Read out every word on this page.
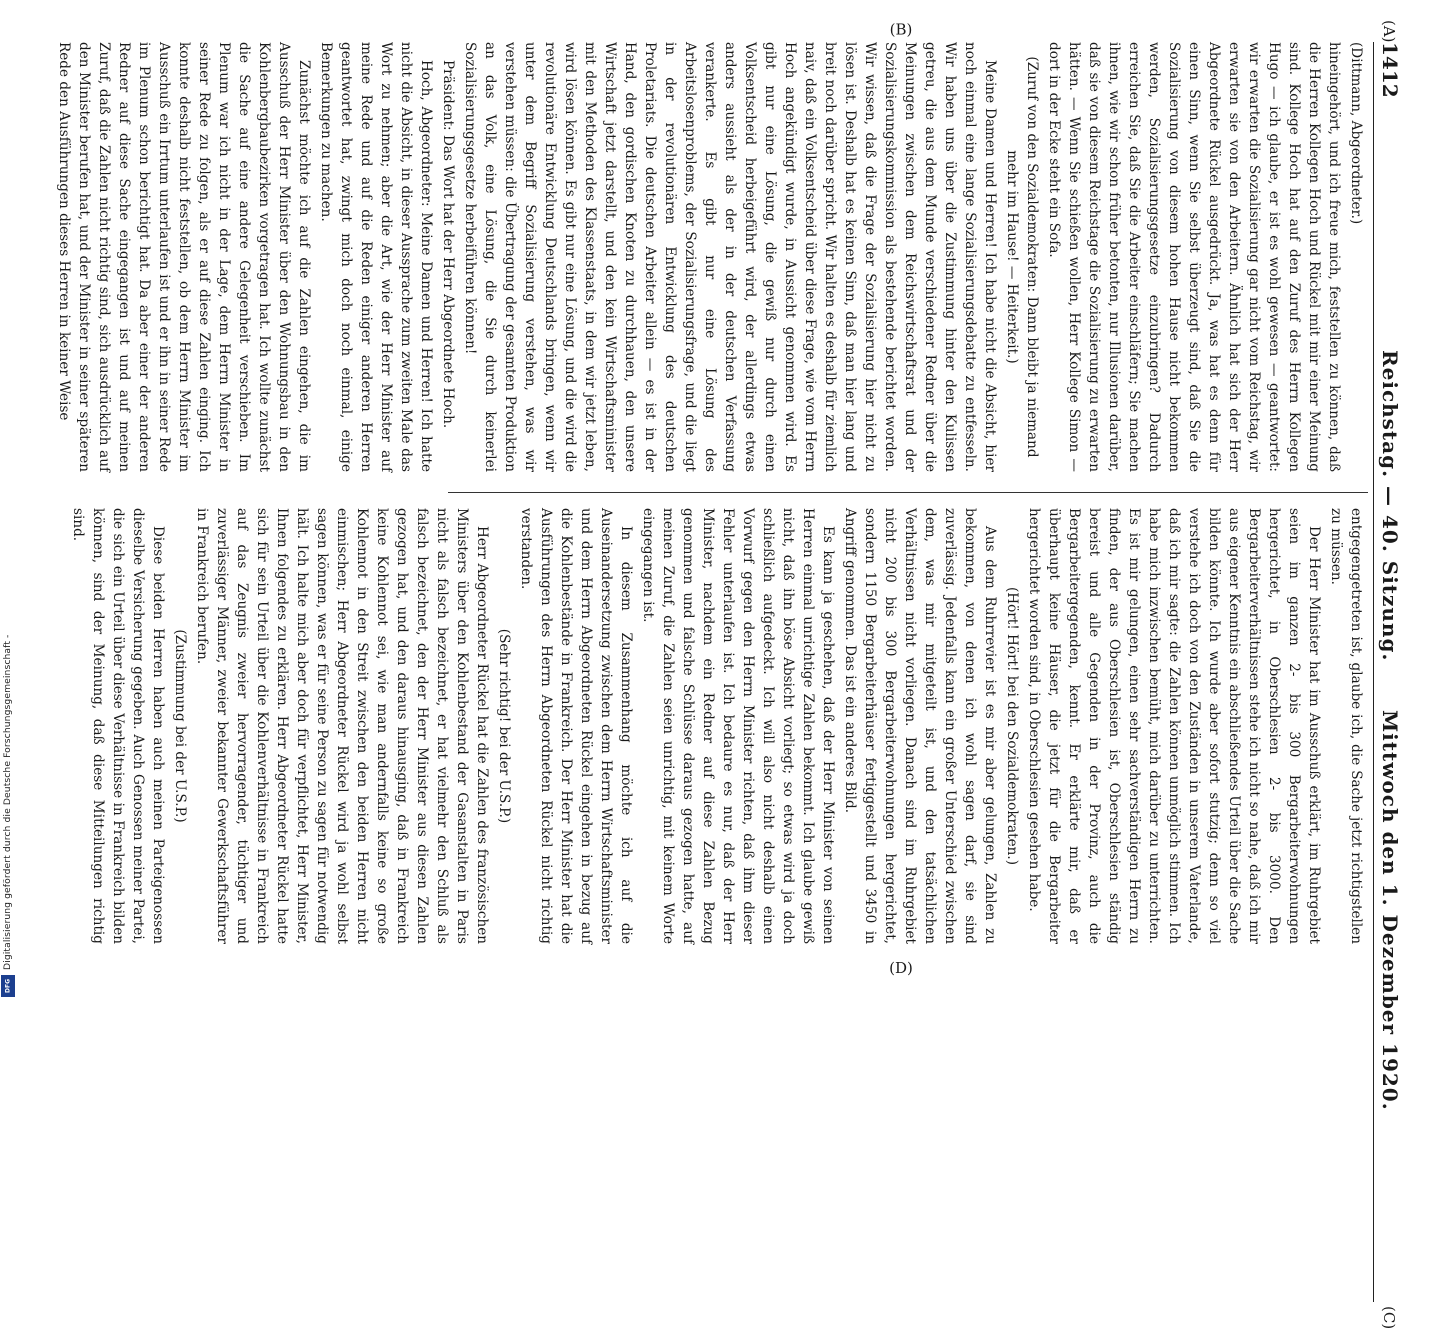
Digitalisierung gefördert durch die Deutsche Forschungsgemeinschaft -
DFG
(A)
1412
Reichstag. — 40. Sitzung.
Mittwoch den 1. Dezember 1920.
(C)
(B)
(D)

(Dittmann, Abgeordneter.)

hineingehört, und ich freue mich, feststellen zu können, daß die Herren Kollegen Hoch und Rückel mit mir einer Meinung sind. Kollege Hoch hat auf den Zuruf des Herrn Kollegen Hugo — ich glaube, er ist es wohl gewesen — geantwortet: wir erwarten die Sozialisierung gar nicht vom Reichstag, wir erwarten sie von den Arbeitern. Ähnlich hat sich der Herr Abgeordnete Rückel ausgedrückt. Ja, was hat es denn für einen Sinn, wenn Sie selbst überzeugt sind, daß Sie die Sozialisierung von diesem hohen Hause nicht bekommen werden, Sozialisierungsgesetze einzubringen? Dadurch erreichen Sie, daß Sie die Arbeiter einschläfern; Sie machen ihnen, wie wir schon früher betonten, nur Illusionen darüber, daß sie von diesem Reichstage die Sozialisierung zu erwarten hätten. — Wenn Sie schießen wollen, Herr Kollege Simon — dort in der Ecke steht ein Sofa.

(Zuruf von den Sozialdemokraten: Dann bleibt ja niemand mehr im Hause! — Heiterkeit.)

Meine Damen und Herren! Ich habe nicht die Absicht, hier noch einmal eine lange Sozialisierungsdebatte zu entfesseln. Wir haben uns über die Zustimmung hinter den Kulissen getreu, die aus dem Munde verschiedener Redner über die Meinungen zwischen dem Reichswirtschaftsrat und der Sozialisierungskommission als bestehende berichtet worden. Wir wissen, daß die Frage der Sozialisierung hier nicht zu lösen ist. Deshalb hat es keinen Sinn, daß man hier lang und breit noch darüber spricht. Wir halten es deshalb für ziemlich naiv, daß ein Volksentscheid über diese Frage, wie vom Herrn Hoch angekündigt wurde, in Aussicht genommen wird. Es gibt nur eine Lösung, die gewiß nur durch einen Volksentscheid herbeigeführt wird, der allerdings etwas anders aussieht als der in der deutschen Verfassung verankerte. Es gibt nur eine Lösung des Arbeitslosenproblems, der Sozialisierungsfrage, und die liegt in der revolutionären Entwicklung des deutschen Proletariats. Die deutschen Arbeiter allein — es ist in der Hand, den gordischen Knoten zu durchhauen, den unsere Wirtschaft jetzt darstellt, und den kein Wirtschaftsminister mit den Methoden des Klassenstaats, in dem wir jetzt leben, wird lösen können. Es gibt nur eine Lösung, und die wird die revolutionäre Entwicklung Deutschlands bringen, wenn wir unter dem Begriff Sozialisierung verstehen, was wir verstehen müssen: die Übertragung der gesamten Produktion an das Volk, eine Lösung, die Sie durch keinerlei Sozialisierungsgesetze herbeiführen können!

Präsident: Das Wort hat der Herr Abgeordnete Hoch.

Hoch, Abgeordneter: Meine Damen und Herren! Ich hatte nicht die Absicht, in dieser Aussprache zum zweiten Male das Wort zu nehmen; aber die Art, wie der Herr Minister auf meine Rede und auf die Reden einiger anderen Herren geantwortet hat, zwingt mich doch noch einmal, einige Bemerkungen zu machen.

Zunächst möchte ich auf die Zahlen eingehen, die im Ausschuß der Herr Minister über den Wohnungsbau in den Kohlenbergbaubezirken vorgetragen hat. Ich wollte zunächst die Sache auf eine andere Gelegenheit verschieben. Im Plenum war ich nicht in der Lage, dem Herrn Minister in seiner Rede zu folgen, als er auf diese Zahlen einging. Ich konnte deshalb nicht feststellen, ob dem Herrn Minister im Ausschuß ein Irrtum unterlaufen ist und er ihn in seiner Rede im Plenum schon berichtigt hat. Da aber einer der anderen Redner auf diese Sache eingegangen ist und auf meinen Zuruf, daß die Zahlen nicht richtig sind, sich ausdrücklich auf den Minister berufen hat, und der Minister in seiner späteren Rede den Ausführungen dieses Herren in keiner Weise

entgegengetreten ist, glaube ich, die Sache jetzt richtigstellen zu müssen.

Der Herr Minister hat im Ausschuß erklärt, im Ruhrgebiet seien im ganzen 2- bis 300 Bergarbeiterwohnungen hergerichtet, in Oberschlesien 2- bis 3000. Den Bergarbeiterverhältnissen stehe ich nicht so nahe, daß ich mir aus eigener Kenntnis ein abschließendes Urteil über die Sache bilden könnte. Ich wurde aber sofort stutzig; denn so viel verstehe ich doch von den Zuständen in unserem Vaterlande, daß ich mir sagte: die Zahlen können unmöglich stimmen. Ich habe mich inzwischen bemüht, mich darüber zu unterrichten. Es ist mir gelungen, einen sehr sachverständigen Herrn zu finden, der aus Oberschlesien ist, Oberschlesien ständig bereist und alle Gegenden in der Provinz, auch die Bergarbeitergegenden, kennt. Er erklärte mir, daß er überhaupt keine Häuser, die jetzt für die Bergarbeiter hergerichtet worden sind, in Oberschlesien gesehen habe.

(Hört! Hört! bei den Sozialdemokraten.)

Aus dem Ruhrrevier ist es mir aber gelungen, Zahlen zu bekommen, von denen ich wohl sagen darf, sie sind zuverlässig. Jedenfalls kann ein großer Unterschied zwischen dem, was mir mitgeteilt ist, und den tatsächlichen Verhältnissen nicht vorliegen. Danach sind im Ruhrgebiet nicht 200 bis 300 Bergarbeiterwohnungen hergerichtet, sondern 1150 Bergarbeiterhäuser fertiggestellt und 3450 in Angriff genommen. Das ist ein anderes Bild.

Es kann ja geschehen, daß der Herr Minister von seinen Herren einmal unrichtige Zahlen bekommt. Ich glaube gewiß nicht, daß ihn böse Absicht vorliegt; so etwas wird ja doch schließlich aufgedeckt. Ich will also nicht deshalb einen Vorwurf gegen den Herrn Minister richten, daß ihm dieser Fehler unterlaufen ist. Ich bedaure es nur, daß der Herr Minister, nachdem ein Redner auf diese Zahlen Bezug genommen und falsche Schlüsse daraus gezogen hatte, auf meinen Zuruf, die Zahlen seien unrichtig, mit keinem Worte eingegangen ist.

In diesem Zusammenhang möchte ich auf die Auseinandersetzung zwischen dem Herrn Wirtschaftsminister und dem Herrn Abgeordneten Rückel eingehen in bezug auf die Kohlenbestände in Frankreich. Der Herr Minister hat die Ausführungen des Herrn Abgeordneten Rückel nicht richtig verstanden.

(Sehr richtig! bei der U.S.P.)

Herr Abgeordneter Rückel hat die Zahlen des französischen Ministers über den Kohlenbestand der Gasanstalten in Paris nicht als falsch bezeichnet, er hat vielmehr den Schluß als falsch bezeichnet, den der Herr Minister aus diesen Zahlen gezogen hat, und den daraus hinausging, daß in Frankreich keine Kohlennot sei, wie man andernfalls keine so große Kohlennot in den Streit zwischen den beiden Herren nicht einmischen; Herr Abgeordneter Rückel wird ja wohl selbst sagen können, was er für seine Person zu sagen für notwendig hält. Ich halte mich aber doch für verpflichtet, Herr Minister, Ihnen folgendes zu erklären. Herr Abgeordneter Rückel hatte sich für sein Urteil über die Kohlenverhältnisse in Frankreich auf das Zeugnis zweier hervorragender, tüchtiger und zuverlässiger Männer, zweier bekannter Gewerkschaftsführer in Frankreich berufen.

(Zustimmung bei der U.S.P.)

Diese beiden Herren haben auch meinen Parteigenossen dieselbe Versicherung gegeben. Auch Genossen meiner Partei, die sich ein Urteil über diese Verhältnisse in Frankreich bilden können, sind der Meinung, daß diese Mitteilungen richtig sind.
